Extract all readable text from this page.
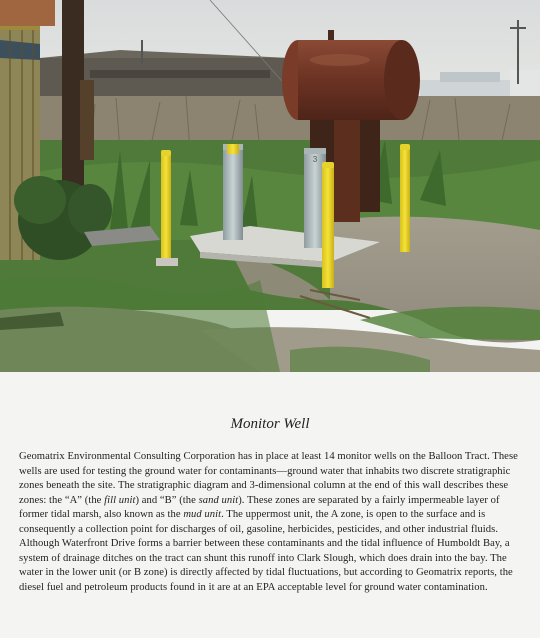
3
Monitor Well
Geomatrix Environmental Consulting Corporation has in place at least 14 monitor wells on the Balloon Tract. These wells are used for testing the ground water for contaminants—ground water that inhabits two discrete stratigraphic zones beneath the site. The stratigraphic diagram and 3-dimensional column at the end of this wall describes these zones: the “A” (the fill unit) and “B” (the sand unit). These zones are separated by a fairly impermeable layer of former tidal marsh, also known as the mud unit. The uppermost unit, the A zone, is open to the surface and is consequently a collection point for discharges of oil, gasoline, herbicides, pesticides, and other industrial fluids. Although Waterfront Drive forms a barrier between these contaminants and the tidal influence of Humboldt Bay, a system of drainage ditches on the tract can shunt this runoff into Clark Slough, which does drain into the bay. The water in the lower unit (or B zone) is directly affected by tidal fluctuations, but according to Geomatrix reports, the diesel fuel and petroleum products found in it are at an EPA acceptable level for ground water contamination.
